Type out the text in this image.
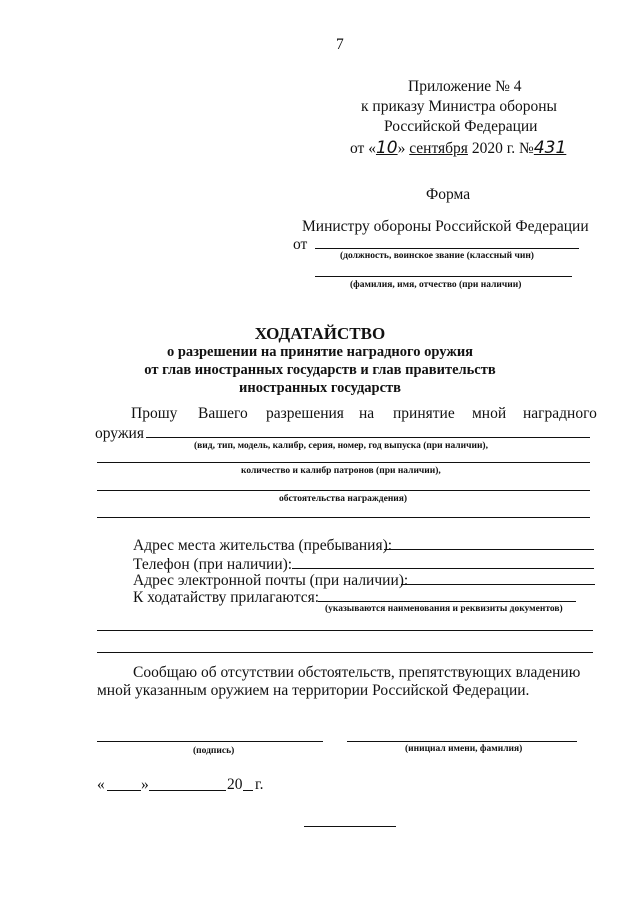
7
Приложение № 4
к приказу Министра обороны
Российской Федерации
от «10» сентября 2020 г. №431
Форма
Министру обороны Российской Федерации
от
(должность, воинское звание (классный чин)
(фамилия, имя, отчество (при наличии)
ХОДАТАЙСТВО
о разрешении на принятие наградного оружия
от глав иностранных государств и глав правительств
иностранных государств
Прошу Вашего разрешения на принятие мной наградного
оружия
(вид, тип, модель, калибр, серия, номер, год выпуска (при наличии),
количество и калибр патронов (при наличии),
обстоятельства награждения)
Адрес места жительства (пребывания):
Телефон (при наличии):
Адрес электронной почты (при наличии):
К ходатайству прилагаются:
(указываются наименования и реквизиты документов)
Сообщаю об отсутствии обстоятельств, препятствующих владению
мной указанным оружием на территории Российской Федерации.
(подпись)	(инициал имени, фамилия)
« »	20 г.
